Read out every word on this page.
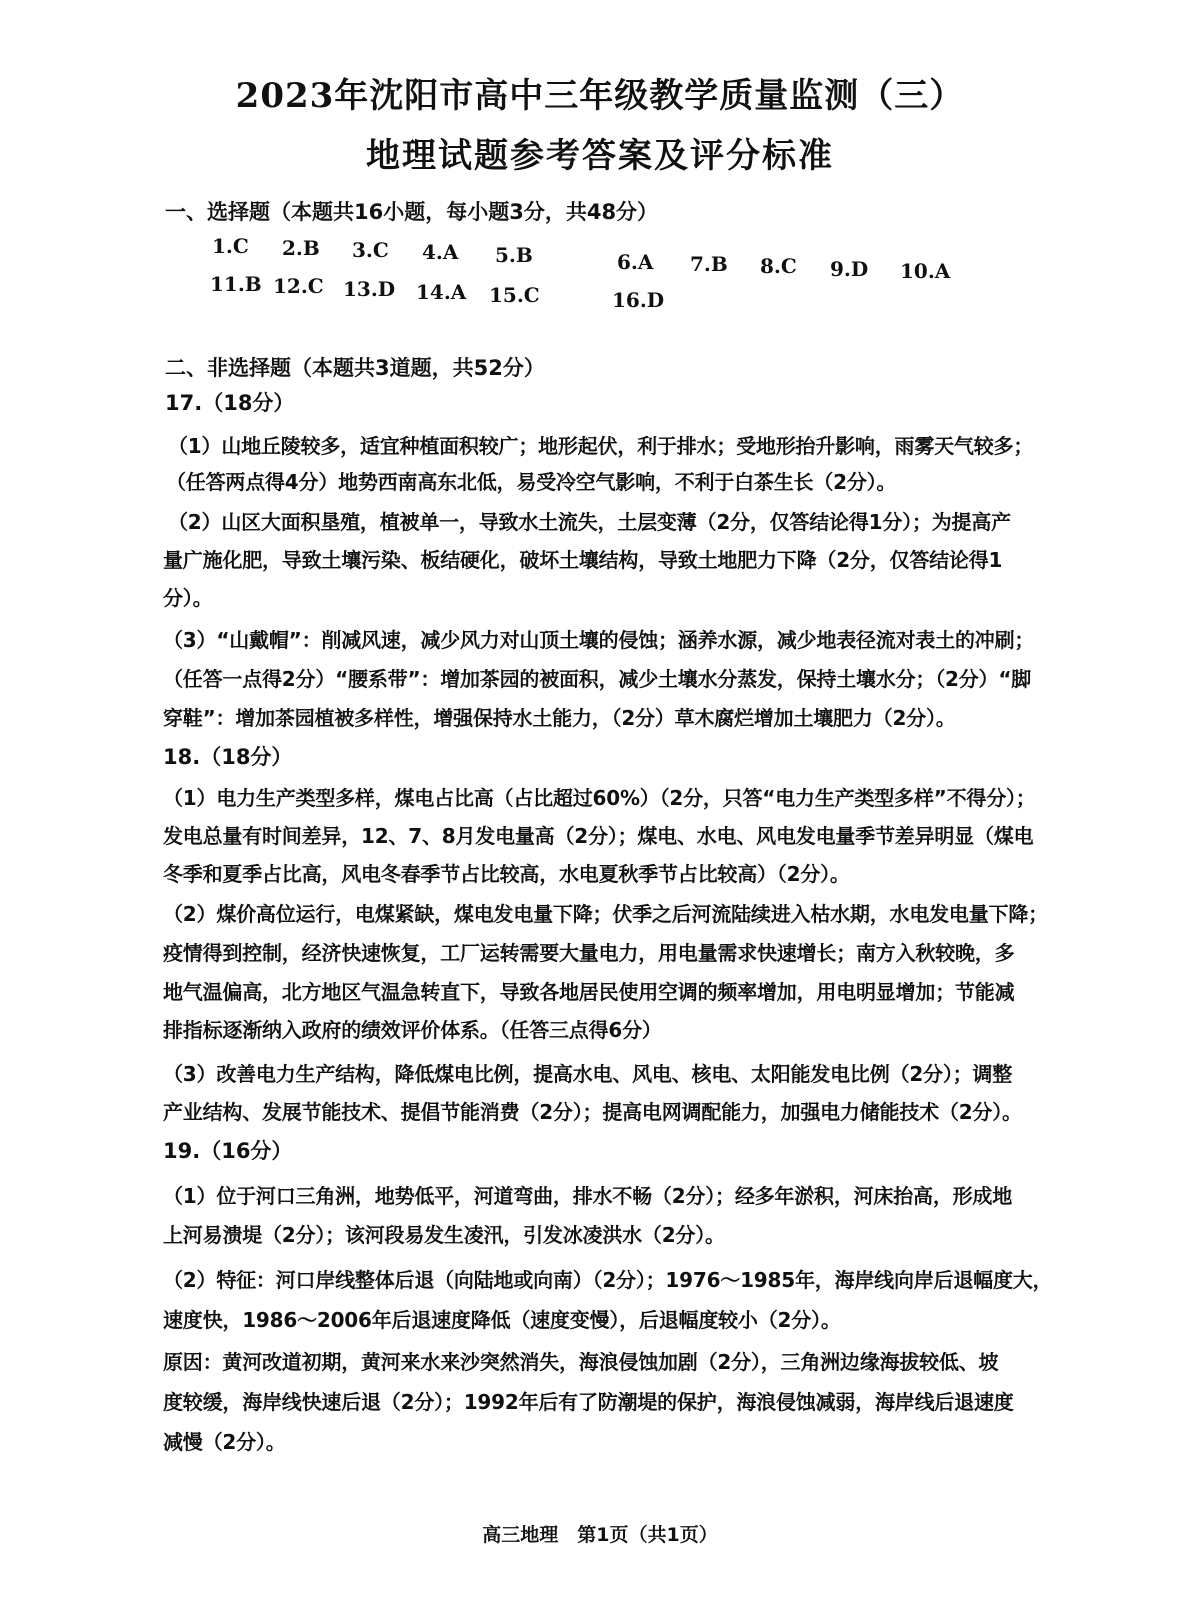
2023年沈阳市高中三年级教学质量监测（三）
地理试题参考答案及评分标准
一、选择题（本题共16小题，每小题3分，共48分）
1.C 2.B 3.C 4.A 5.B	6.A 7.B 8.C 9.D 10.A
11.B 12.C 13.D 14.A 15.C	16.D
二、非选择题（本题共3道题，共52分）
17.（18分）
（1）山地丘陵较多，适宜种植面积较广；地形起伏，利于排水；受地形抬升影响，雨雾天气较多；
（任答两点得4分）地势西南高东北低，易受冷空气影响，不利于白茶生长（2分）。
（2）山区大面积垦殖，植被单一，导致水土流失，土层变薄（2分，仅答结论得1分）；为提高产
量广施化肥，导致土壤污染、板结硬化，破坏土壤结构，导致土地肥力下降（2分，仅答结论得1
分）。
（3）“山戴帽”：削减风速，减少风力对山顶土壤的侵蚀；涵养水源，减少地表径流对表土的冲刷；
（任答一点得2分）“腰系带”：增加茶园的被面积，减少土壤水分蒸发，保持土壤水分；（2分）“脚
穿鞋”：增加茶园植被多样性，增强保持水土能力，（2分）草木腐烂增加土壤肥力（2分）。
18.（18分）
（1）电力生产类型多样，煤电占比高（占比超过60%）（2分，只答“电力生产类型多样”不得分）；
发电总量有时间差异，12、7、8月发电量高（2分）；煤电、水电、风电发电量季节差异明显（煤电
冬季和夏季占比高，风电冬春季节占比较高，水电夏秋季节占比较高）（2分）。
（2）煤价高位运行，电煤紧缺，煤电发电量下降；伏季之后河流陆续进入枯水期，水电发电量下降；
疫情得到控制，经济快速恢复，工厂运转需要大量电力，用电量需求快速增长；南方入秋较晚，多
地气温偏高，北方地区气温急转直下，导致各地居民使用空调的频率增加，用电明显增加；节能减
排指标逐渐纳入政府的绩效评价体系。（任答三点得6分）
（3）改善电力生产结构，降低煤电比例，提高水电、风电、核电、太阳能发电比例（2分）；调整
产业结构、发展节能技术、提倡节能消费（2分）；提高电网调配能力，加强电力储能技术（2分）。
19.（16分）
（1）位于河口三角洲，地势低平，河道弯曲，排水不畅（2分）；经多年淤积，河床抬高，形成地
上河易溃堤（2分）；该河段易发生凌汛，引发冰凌洪水（2分）。
（2）特征：河口岸线整体后退（向陆地或向南）（2分）；1976～1985年，海岸线向岸后退幅度大，
速度快，1986～2006年后退速度降低（速度变慢），后退幅度较小（2分）。
原因：黄河改道初期，黄河来水来沙突然消失，海浪侵蚀加剧（2分），三角洲边缘海拔较低、坡
度较缓，海岸线快速后退（2分）；1992年后有了防潮堤的保护，海浪侵蚀减弱，海岸线后退速度
减慢（2分）。
高三地理　第1页（共1页）
